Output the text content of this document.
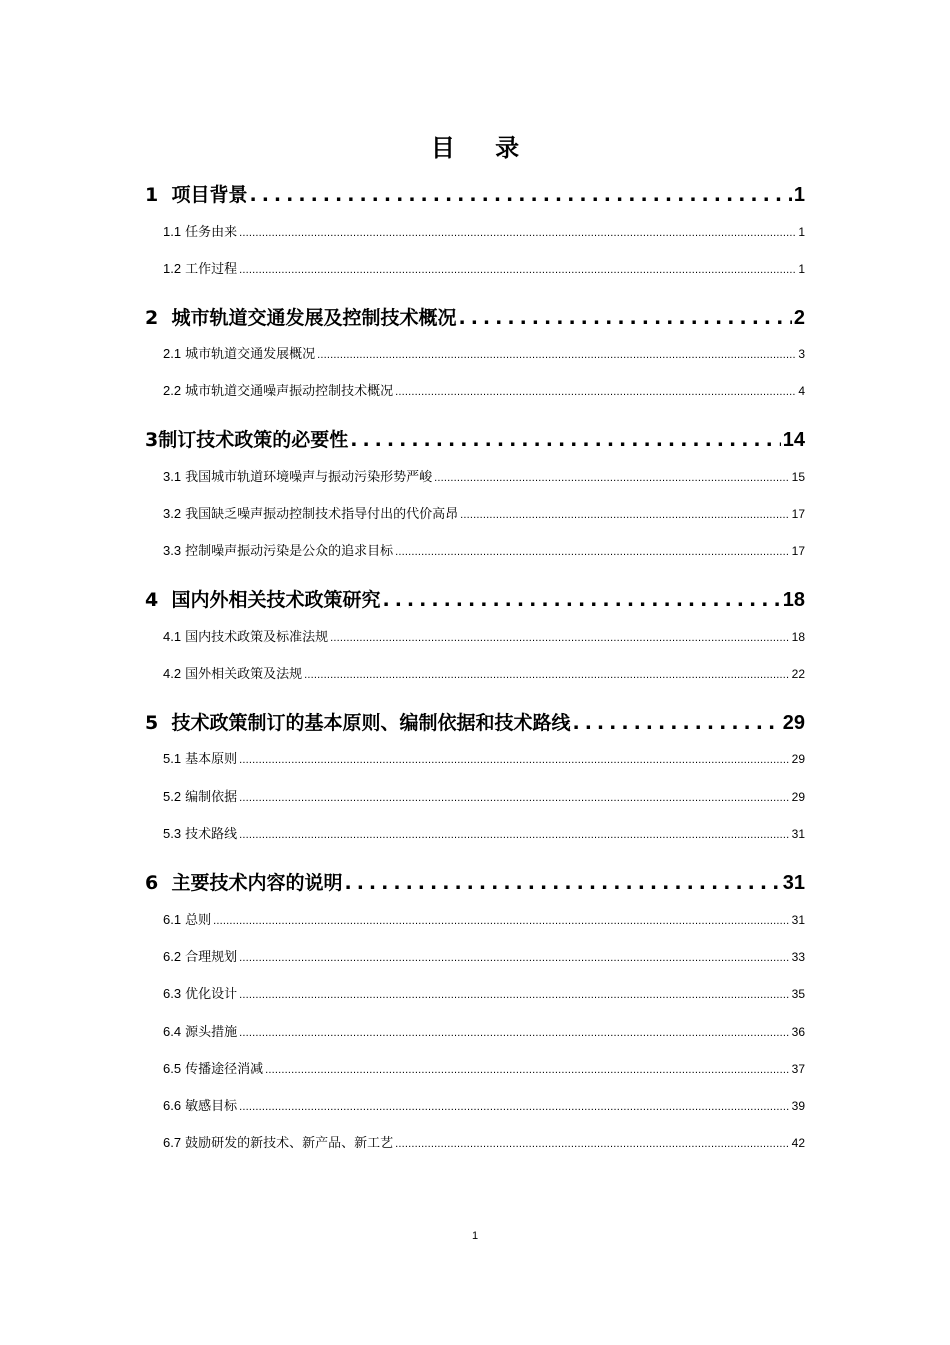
目 录
1 项目背景 .....	1
1.1 任务由来 .....	1
1.2 工作过程 .....	1
2 城市轨道交通发展及控制技术概况 .....	2
2.1 城市轨道交通发展概况 .....	3
2.2 城市轨道交通噪声振动控制技术概况 .....	4
3制订技术政策的必要性 .....	14
3.1 我国城市轨道环境噪声与振动污染形势严峻 .....	15
3.2 我国缺乏噪声振动控制技术指导付出的代价高昂 .....	17
3.3 控制噪声振动污染是公众的追求目标 .....	17
4 国内外相关技术政策研究 .....	18
4.1 国内技术政策及标准法规 .....	18
4.2 国外相关政策及法规 .....	22
5 技术政策制订的基本原则、编制依据和技术路线 .....	29
5.1 基本原则 .....	29
5.2 编制依据 .....	29
5.3 技术路线 .....	31
6 主要技术内容的说明 .....	31
6.1 总则 .....	31
6.2 合理规划 .....	33
6.3 优化设计 .....	35
6.4 源头措施 .....	36
6.5 传播途径消减 .....	37
6.6 敏感目标 .....	39
6.7 鼓励研发的新技术、新产品、新工艺 .....	42
1
